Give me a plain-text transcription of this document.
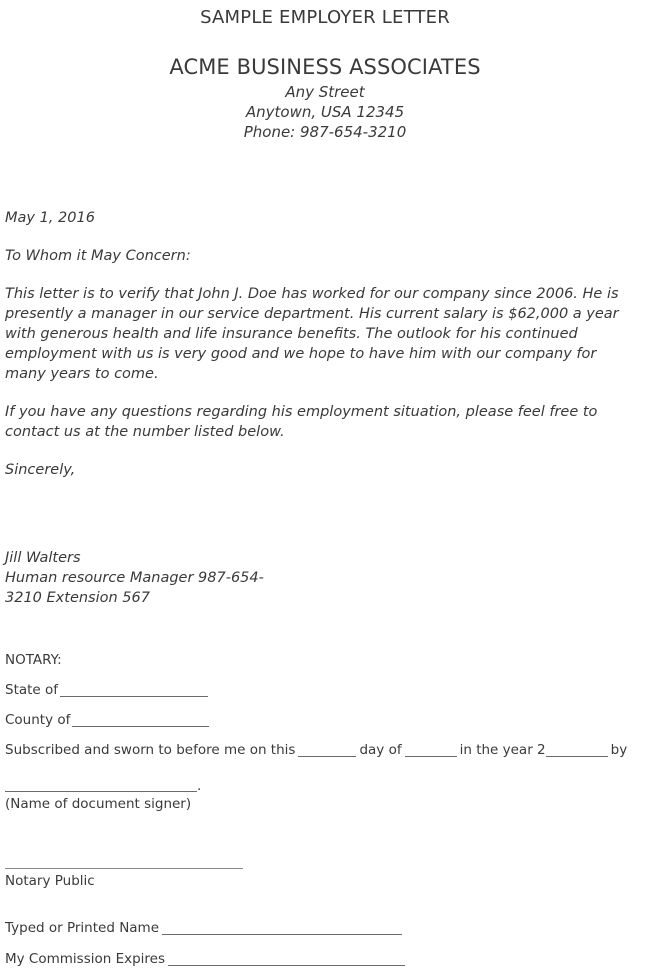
SAMPLE EMPLOYER LETTER
ACME BUSINESS ASSOCIATES
Any Street
Anytown, USA 12345
Phone: 987-654-3210
May 1, 2016
To Whom it May Concern:
This letter is to verify that John J. Doe has worked for our company since 2006. He is presently a manager in our service department. His current salary is $62,000 a year with generous health and life insurance benefits. The outlook for his continued employment with us is very good and we hope to have him with our company for many years to come.
If you have any questions regarding his employment situation, please feel free to contact us at the number listed below.
Sincerely,
Jill Walters
Human resource Manager 987-654-
3210 Extension 567
NOTARY:
State of
County of
Subscribed and sworn to before me on this	day of	in the year 2	by
.
(Name of document signer)
Notary Public
Typed or Printed Name
My Commission Expires
